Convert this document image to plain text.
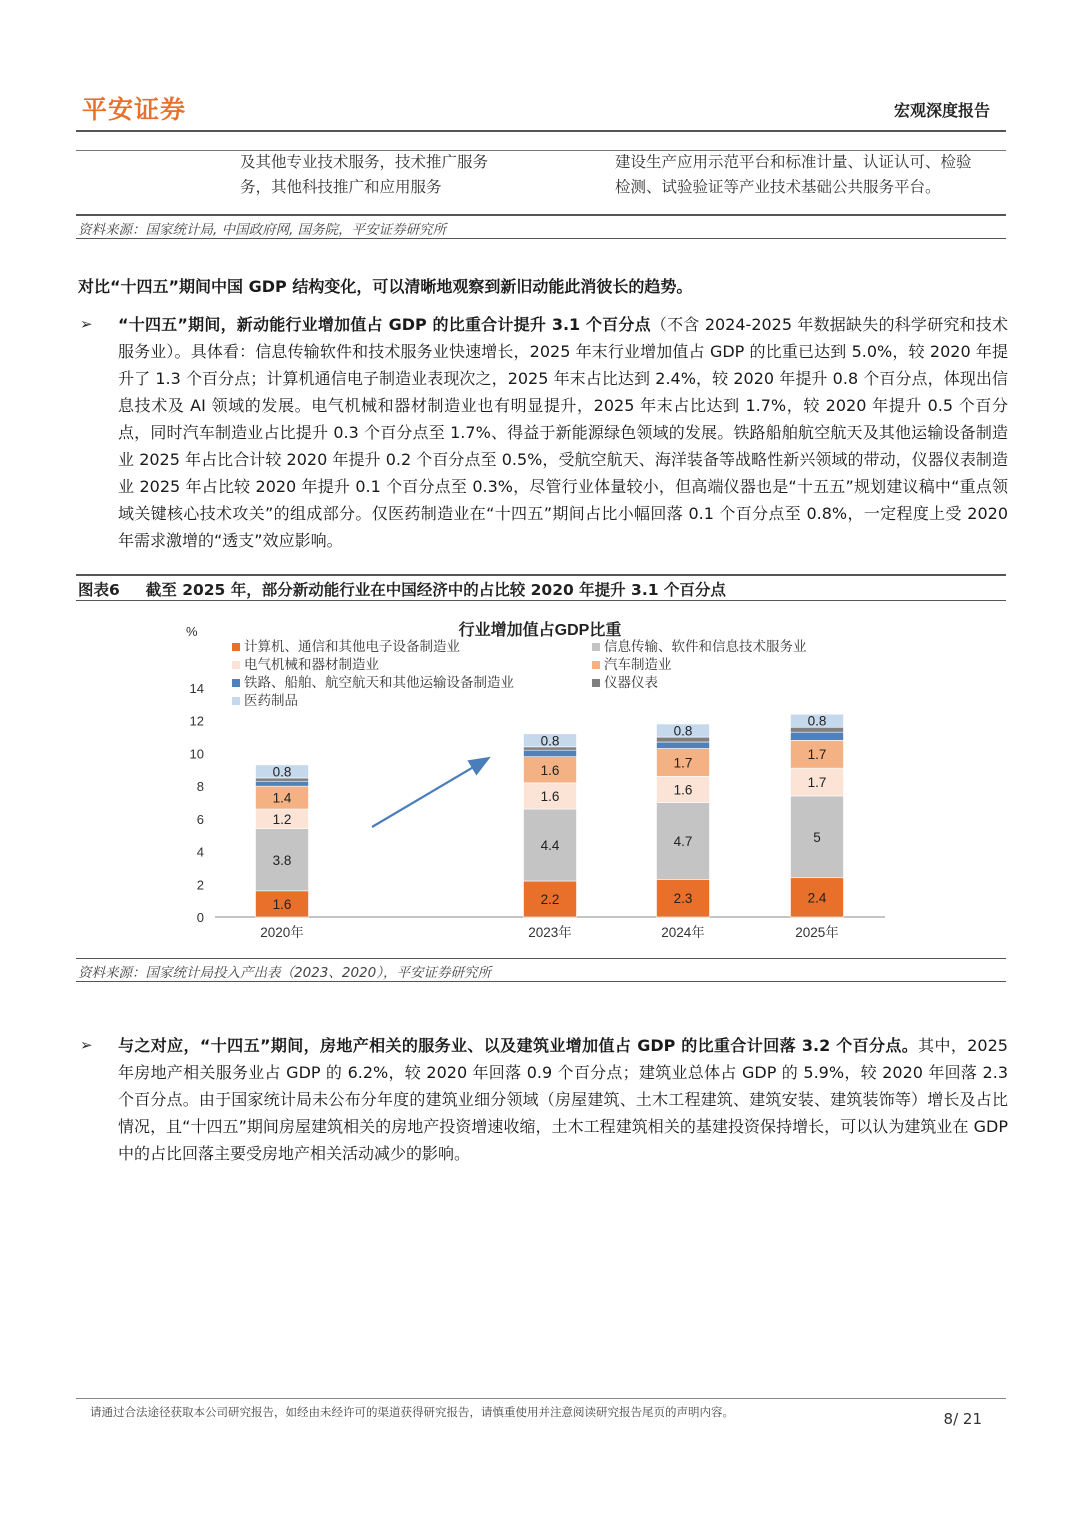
平安证券	宏观深度报告
及其他专业技术服务，技术推广服务
务，其他科技推广和应用服务
建设生产应用示范平台和标准计量、认证认可、检验
检测、试验验证等产业技术基础公共服务平台。
资料来源：国家统计局, 中国政府网, 国务院，平安证券研究所
对比“十四五”期间中国 GDP 结构变化，可以清晰地观察到新旧动能此消彼长的趋势。
➢ “十四五”期间，新动能行业增加值占 GDP 的比重合计提升 3.1 个百分点（不含 2024-2025 年数据缺失的科学研究和技术服务业）。具体看：信息传输软件和技术服务业快速增长，2025 年末行业增加值占 GDP 的比重已达到 5.0%，较 2020 年提升了 1.3 个百分点；计算机通信电子制造业表现次之，2025 年末占比达到 2.4%，较 2020 年提升 0.8 个百分点，体现出信息技术及 AI 领域的发展。电气机械和器材制造业也有明显提升，2025 年末占比达到 1.7%，较 2020 年提升 0.5 个百分点，同时汽车制造业占比提升 0.3 个百分点至 1.7%、得益于新能源绿色领域的发展。铁路船舶航空航天及其他运输设备制造业 2025 年占比合计较 2020 年提升 0.2 个百分点至 0.5%，受航空航天、海洋装备等战略性新兴领域的带动，仪器仪表制造业 2025 年占比较 2020 年提升 0.1 个百分点至 0.3%，尽管行业体量较小，但高端仪器也是“十五五”规划建议稿中“重点领域关键核心技术攻关”的组成部分。仅医药制造业在“十四五”期间占比小幅回落 0.1 个百分点至 0.8%，一定程度上受 2020 年需求激增的“透支”效应影响。
图表6 截至 2025 年，部分新动能行业在中国经济中的占比较 2020 年提升 3.1 个百分点
行业增加值占GDP比重
%
0
2
4
6
8
10
12
14
计算机、通信和其他电子设备制造业	信息传输、软件和信息技术服务业
电气机械和器材制造业	汽车制造业
铁路、船舶、航空航天和其他运输设备制造业	仪器仪表
医药制品
1.6
3.8
1.2
1.4
0.8
2020年
2.2
4.4
1.6
1.6
0.8
2023年
2.3
4.7
1.6
1.7
0.8
2024年
2.4
5
1.7
1.7
0.8
2025年
资料来源：国家统计局投入产出表（2023、2020），平安证券研究所
➢ 与之对应，“十四五”期间，房地产相关的服务业、以及建筑业增加值占 GDP 的比重合计回落 3.2 个百分点。其中，2025 年房地产相关服务业占 GDP 的 6.2%，较 2020 年回落 0.9 个百分点；建筑业总体占 GDP 的 5.9%，较 2020 年回落 2.3 个百分点。由于国家统计局未公布分年度的建筑业细分领域（房屋建筑、土木工程建筑、建筑安装、建筑装饰等）增长及占比情况，且“十四五”期间房屋建筑相关的房地产投资增速收缩，土木工程建筑相关的基建投资保持增长，可以认为建筑业在 GDP 中的占比回落主要受房地产相关活动减少的影响。
请通过合法途径获取本公司研究报告，如经由未经许可的渠道获得研究报告，请慎重使用并注意阅读研究报告尾页的声明内容。	8/ 21
